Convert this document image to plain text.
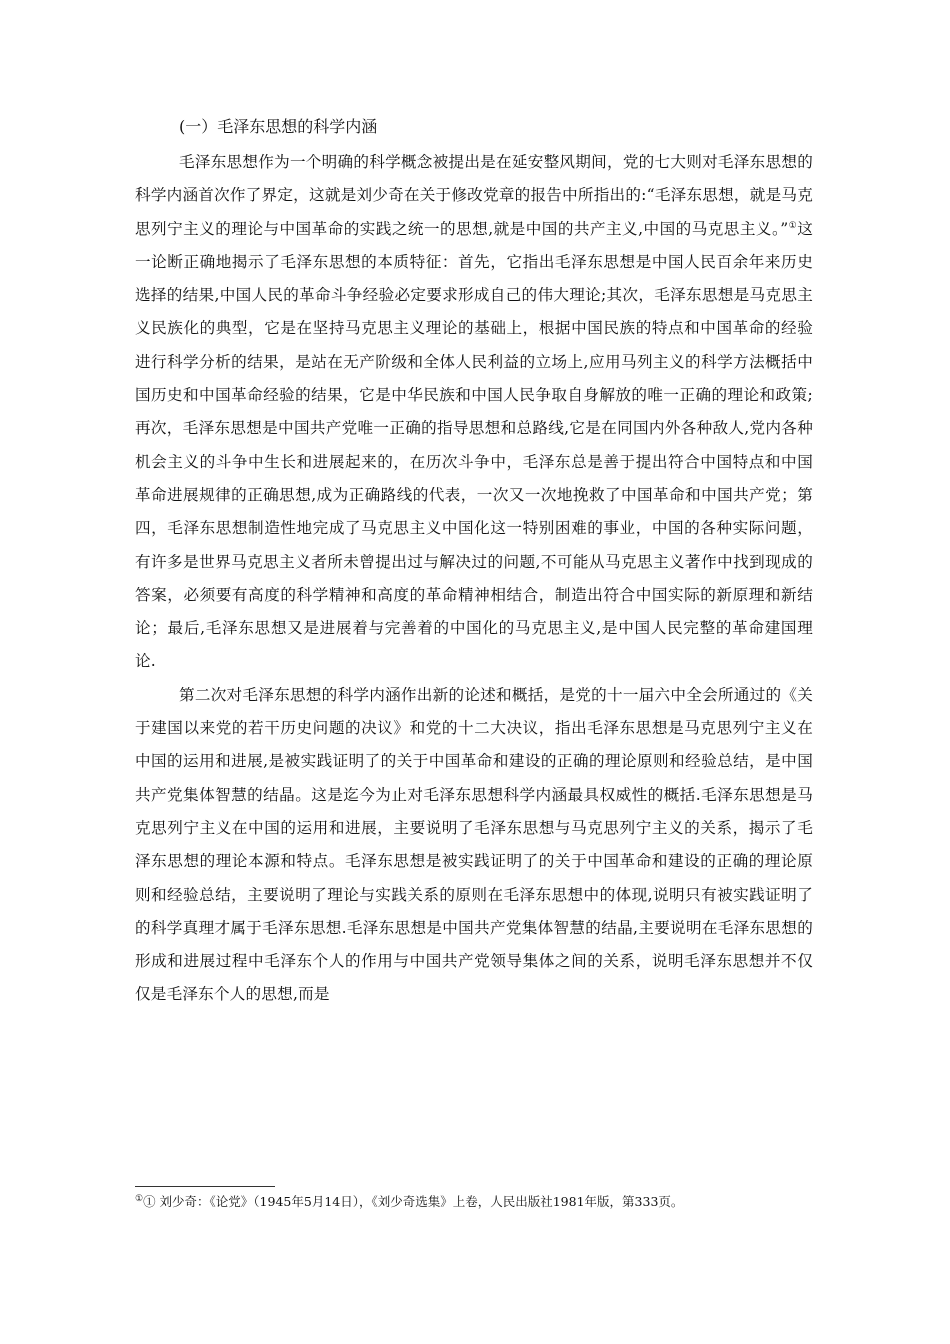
(一）毛泽东思想的科学内涵

毛泽东思想作为一个明确的科学概念被提出是在延安整风期间，党的七大则对毛泽东思想的科学内涵首次作了界定，这就是刘少奇在关于修改党章的报告中所指出的:“毛泽东思想，就是马克思列宁主义的理论与中国革命的实践之统一的思想,就是中国的共产主义,中国的马克思主义。”①这一论断正确地揭示了毛泽东思想的本质特征：首先，它指出毛泽东思想是中国人民百余年来历史选择的结果,中国人民的革命斗争经验必定要求形成自己的伟大理论;其次，毛泽东思想是马克思主义民族化的典型，它是在坚持马克思主义理论的基础上，根据中国民族的特点和中国革命的经验进行科学分析的结果，是站在无产阶级和全体人民利益的立场上,应用马列主义的科学方法概括中国历史和中国革命经验的结果，它是中华民族和中国人民争取自身解放的唯一正确的理论和政策;再次，毛泽东思想是中国共产党唯一正确的指导思想和总路线,它是在同国内外各种敌人,党内各种机会主义的斗争中生长和进展起来的，在历次斗争中，毛泽东总是善于提出符合中国特点和中国革命进展规律的正确思想,成为正确路线的代表，一次又一次地挽救了中国革命和中国共产党；第四，毛泽东思想制造性地完成了马克思主义中国化这一特别困难的事业，中国的各种实际问题，有许多是世界马克思主义者所未曾提出过与解决过的问题,不可能从马克思主义著作中找到现成的答案，必须要有高度的科学精神和高度的革命精神相结合，制造出符合中国实际的新原理和新结论；最后,毛泽东思想又是进展着与完善着的中国化的马克思主义,是中国人民完整的革命建国理论.

第二次对毛泽东思想的科学内涵作出新的论述和概括，是党的十一届六中全会所通过的《关于建国以来党的若干历史问题的决议》和党的十二大决议，指出毛泽东思想是马克思列宁主义在中国的运用和进展,是被实践证明了的关于中国革命和建设的正确的理论原则和经验总结，是中国共产党集体智慧的结晶。这是迄今为止对毛泽东思想科学内涵最具权威性的概括.毛泽东思想是马克思列宁主义在中国的运用和进展，主要说明了毛泽东思想与马克思列宁主义的关系，揭示了毛泽东思想的理论本源和特点。毛泽东思想是被实践证明了的关于中国革命和建设的正确的理论原则和经验总结，主要说明了理论与实践关系的原则在毛泽东思想中的体现,说明只有被实践证明了的科学真理才属于毛泽东思想.毛泽东思想是中国共产党集体智慧的结晶,主要说明在毛泽东思想的形成和进展过程中毛泽东个人的作用与中国共产党领导集体之间的关系，说明毛泽东思想并不仅仅是毛泽东个人的思想,而是

①① 刘少奇：《论党》（1945年5月14日），《刘少奇选集》上卷，人民出版社1981年版，第333页。
